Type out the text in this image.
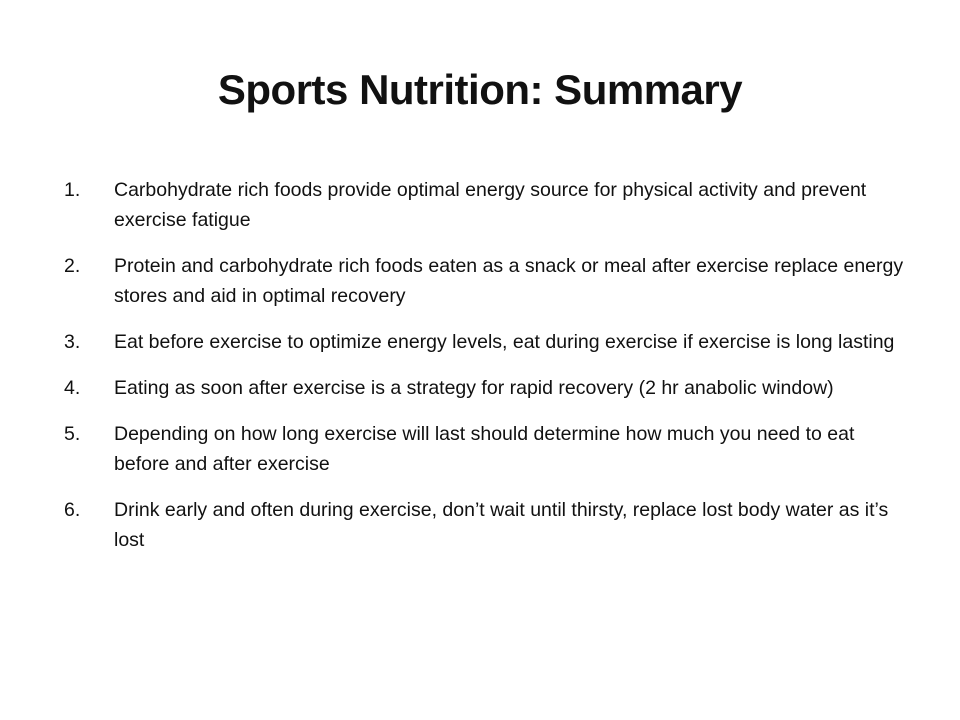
Sports Nutrition: Summary
1.	Carbohydrate rich foods provide optimal energy source for physical activity and prevent exercise fatigue
2.	Protein and carbohydrate rich foods eaten as a snack or meal after exercise replace energy stores and aid in optimal recovery
3.	Eat before exercise to optimize energy levels, eat during exercise if exercise is long lasting
4.	Eating as soon after exercise is a strategy for rapid recovery (2 hr anabolic window)
5.	Depending on how long exercise will last should determine how much you need to eat before and after exercise
6.	Drink early and often during exercise, don’t wait until thirsty, replace lost body water as it’s lost
